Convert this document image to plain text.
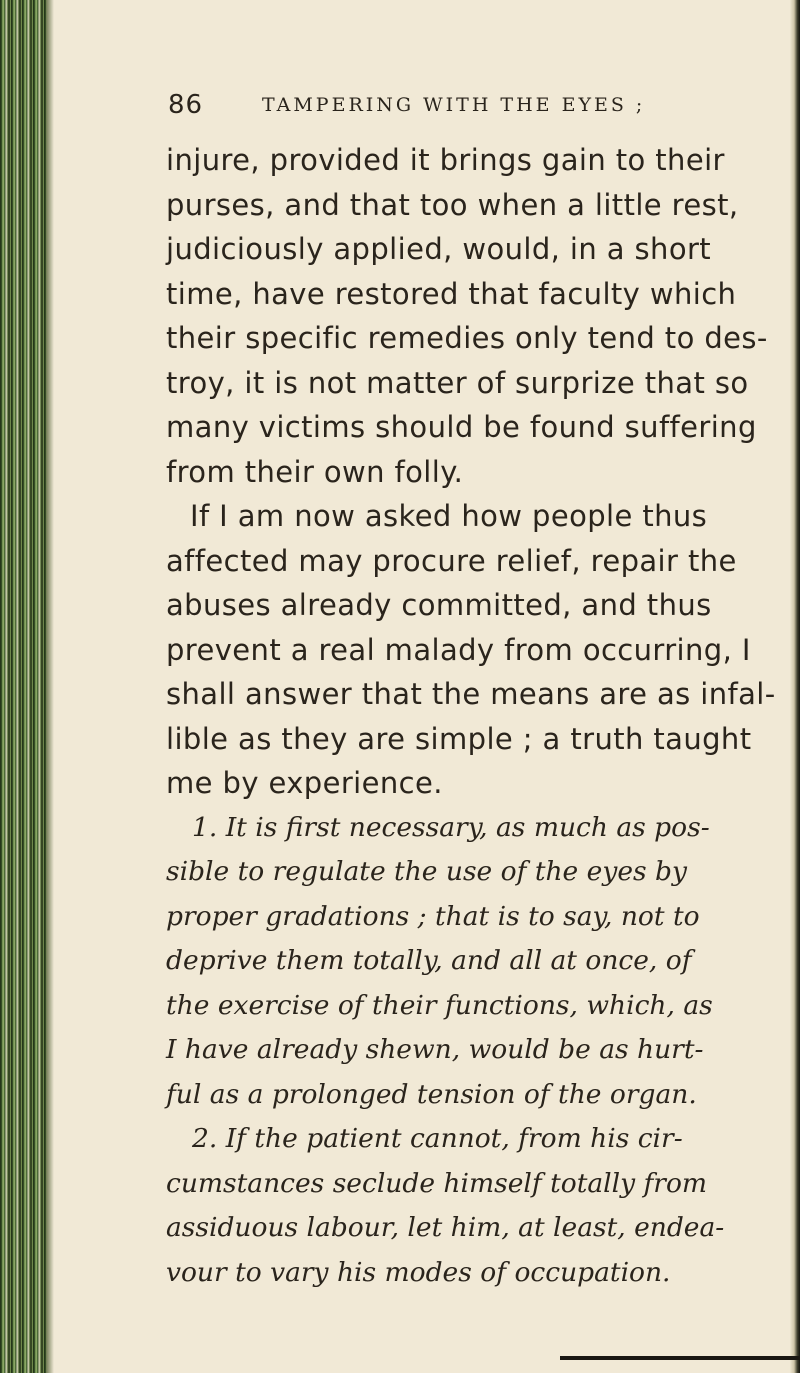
86	TAMPERING WITH THE EYES ;
injure, provided it brings gain to their
purses, and that too when a little rest,
judiciously applied, would, in a short
time, have restored that faculty which
their specific remedies only tend to des-
troy, it is not matter of surprize that so
many victims should be found suffering
from their own folly.
If I am now asked how people thus
affected may procure relief, repair the
abuses already committed, and thus
prevent a real malady from occurring, I
shall answer that the means are as infal-
lible as they are simple ; a truth taught
me by experience.
1. It is first necessary, as much as pos-
sible to regulate the use of the eyes by
proper gradations ; that is to say, not to
deprive them totally, and all at once, of
the exercise of their functions, which, as
I have already shewn, would be as hurt-
ful as a prolonged tension of the organ.
2. If the patient cannot, from his cir-
cumstances seclude himself totally from
assiduous labour, let him, at least, endea-
vour to vary his modes of occupation.
